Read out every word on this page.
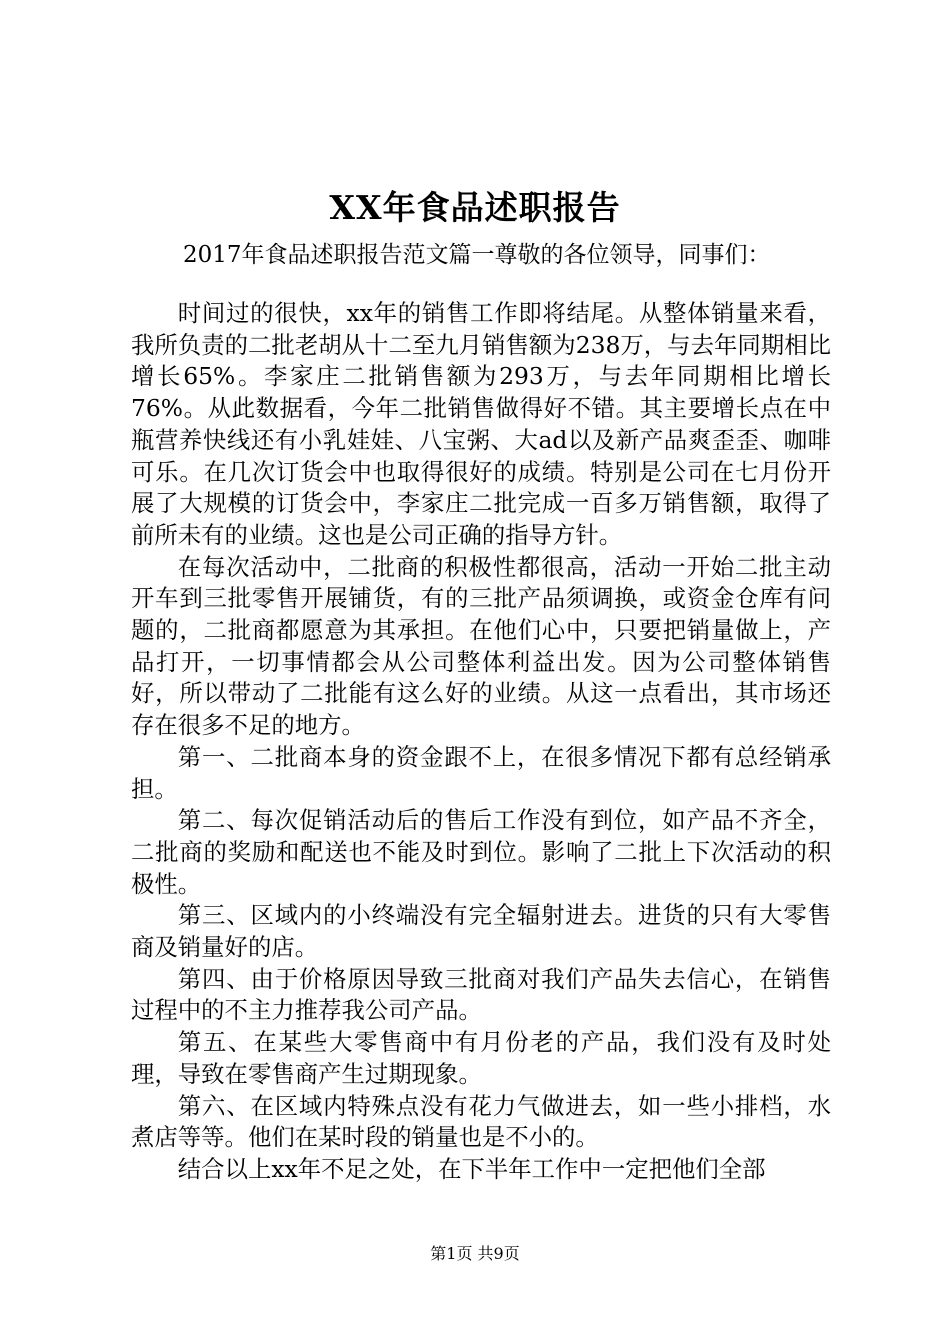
XX年食品述职报告
2017年食品述职报告范文篇一尊敬的各位领导，同事们：

时间过的很快，xx年的销售工作即将结尾。从整体销量来看，我所负责的二批老胡从十二至九月销售额为238万，与去年同期相比增长65%。李家庄二批销售额为293万，与去年同期相比增长76%。从此数据看，今年二批销售做得好不错。其主要增长点在中瓶营养快线还有小乳娃娃、八宝粥、大ad以及新产品爽歪歪、咖啡可乐。在几次订货会中也取得很好的成绩。特别是公司在七月份开展了大规模的订货会中，李家庄二批完成一百多万销售额，取得了前所未有的业绩。这也是公司正确的指导方针。

在每次活动中，二批商的积极性都很高，活动一开始二批主动开车到三批零售开展铺货，有的三批产品须调换，或资金仓库有问题的，二批商都愿意为其承担。在他们心中，只要把销量做上，产品打开，一切事情都会从公司整体利益出发。因为公司整体销售好，所以带动了二批能有这么好的业绩。从这一点看出，其市场还存在很多不足的地方。

第一、二批商本身的资金跟不上，在很多情况下都有总经销承担。

第二、每次促销活动后的售后工作没有到位，如产品不齐全，二批商的奖励和配送也不能及时到位。影响了二批上下次活动的积极性。

第三、区域内的小终端没有完全辐射进去。进货的只有大零售商及销量好的店。

第四、由于价格原因导致三批商对我们产品失去信心，在销售过程中的不主力推荐我公司产品。

第五、在某些大零售商中有月份老的产品，我们没有及时处理，导致在零售商产生过期现象。

第六、在区域内特殊点没有花力气做进去，如一些小排档，水煮店等等。他们在某时段的销量也是不小的。

结合以上xx年不足之处，在下半年工作中一定把他们全部

第1页 共9页
